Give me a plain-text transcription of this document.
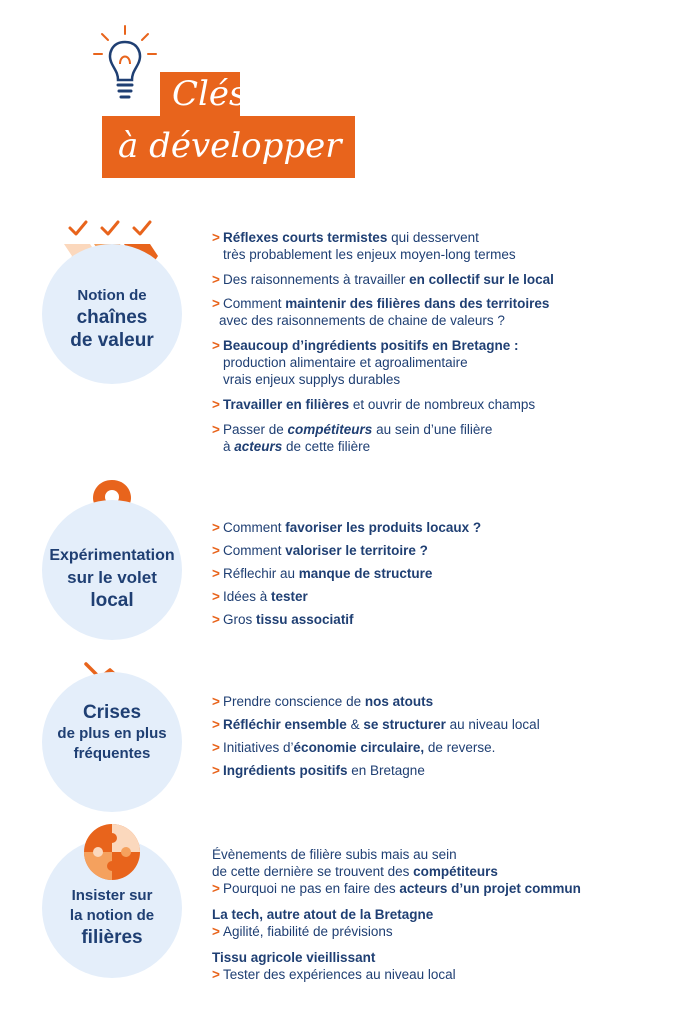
Clés
à développer
Notion de
chaînes
de valeur
> Réflexes courts termistes qui desservent
très probablement les enjeux moyen-long termes
> Des raisonnements à travailler en collectif sur le local
> Comment maintenir des filières dans des territoires
avec des raisonnements de chaine de valeurs ?
> Beaucoup d’ingrédients positifs en Bretagne :
production alimentaire et agroalimentaire
vrais enjeux supplys durables
> Travailler en filières et ouvrir de nombreux champs
> Passer de compétiteurs au sein d’une filière
à acteurs de cette filière
Expérimentation
sur le volet
local
> Comment favoriser les produits locaux ?
> Comment valoriser le territoire ?
> Réflechir au manque de structure
> Idées à tester
> Gros tissu associatif
Crises
de plus en plus
fréquentes
> Prendre conscience de nos atouts
> Réfléchir ensemble & se structurer au niveau local
> Initiatives d’économie circulaire, de reverse.
> Ingrédients positifs en Bretagne
Insister sur
la notion de
filières
Évènements de filière subis mais au sein
de cette dernière se trouvent des compétiteurs
> Pourquoi ne pas en faire des acteurs d’un projet commun
La tech, autre atout de la Bretagne
> Agilité, fiabilité de prévisions
Tissu agricole vieillissant
> Tester des expériences au niveau local
